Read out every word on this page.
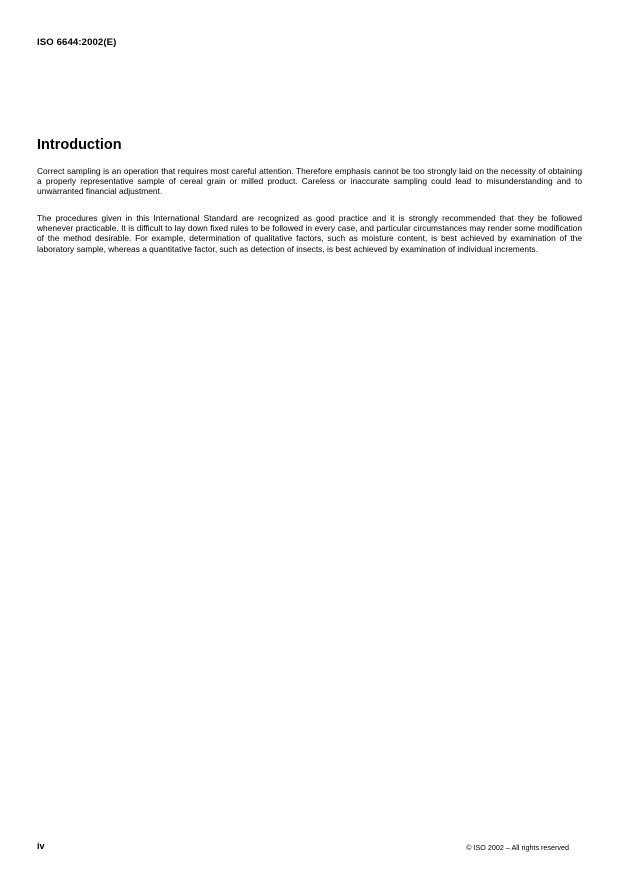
ISO 6644:2002(E)
Introduction

Correct sampling is an operation that requires most careful attention. Therefore emphasis cannot be too strongly laid on the necessity of obtaining a properly representative sample of cereal grain or milled product. Careless or inaccurate sampling could lead to misunderstanding and to unwarranted financial adjustment.

The procedures given in this International Standard are recognized as good practice and it is strongly recommended that they be followed whenever practicable. It is difficult to lay down fixed rules to be followed in every case, and particular circumstances may render some modification of the method desirable. For example, determination of qualitative factors, such as moisture content, is best achieved by examination of the laboratory sample, whereas a quantitative factor, such as detection of insects, is best achieved by examination of individual increments.

iv	© ISO 2002 – All rights reserved
